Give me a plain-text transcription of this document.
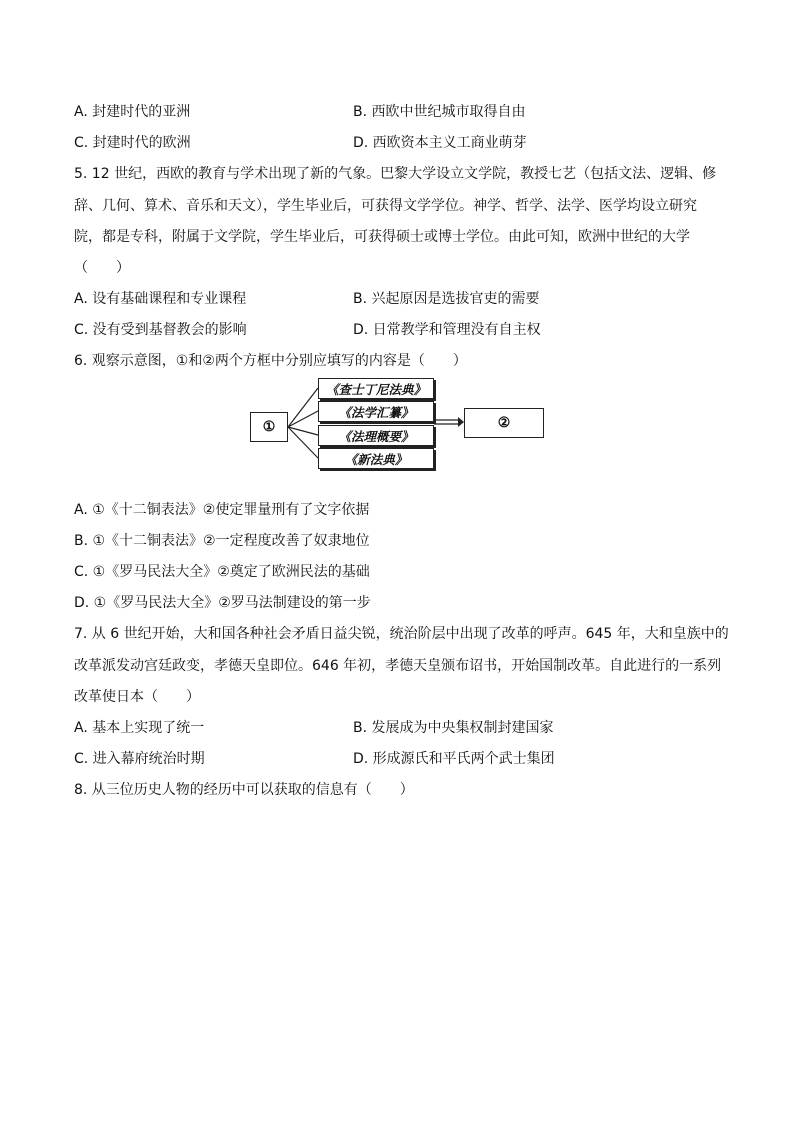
A. 封建时代的亚洲	B. 西欧中世纪城市取得自由
C. 封建时代的欧洲	D. 西欧资本主义工商业萌芽
5. 12 世纪，西欧的教育与学术出现了新的气象。巴黎大学设立文学院，教授七艺（包括文法、逻辑、修
辞、几何、算术、音乐和天文），学生毕业后，可获得文学学位。神学、哲学、法学、医学均设立研究
院，都是专科，附属于文学院，学生毕业后，可获得硕士或博士学位。由此可知，欧洲中世纪的大学
（　　）
A. 设有基础课程和专业课程	B. 兴起原因是选拔官吏的需要
C. 没有受到基督教会的影响	D. 日常教学和管理没有自主权
6. 观察示意图，①和②两个方框中分别应填写的内容是（　　）
①
《查士丁尼法典》
《法学汇纂》
《法理概要》
《新法典》
②
A. ①《十二铜表法》②使定罪量刑有了文字依据
B. ①《十二铜表法》②一定程度改善了奴隶地位
C. ①《罗马民法大全》②奠定了欧洲民法的基础
D. ①《罗马民法大全》②罗马法制建设的第一步
7. 从 6 世纪开始，大和国各种社会矛盾日益尖锐，统治阶层中出现了改革的呼声。645 年，大和皇族中的
改革派发动宫廷政变，孝德天皇即位。646 年初，孝德天皇颁布诏书，开始国制改革。自此进行的一系列
改革使日本（　　）
A. 基本上实现了统一	B. 发展成为中央集权制封建国家
C. 进入幕府统治时期	D. 形成源氏和平氏两个武士集团
8. 从三位历史人物的经历中可以获取的信息有（　　）
